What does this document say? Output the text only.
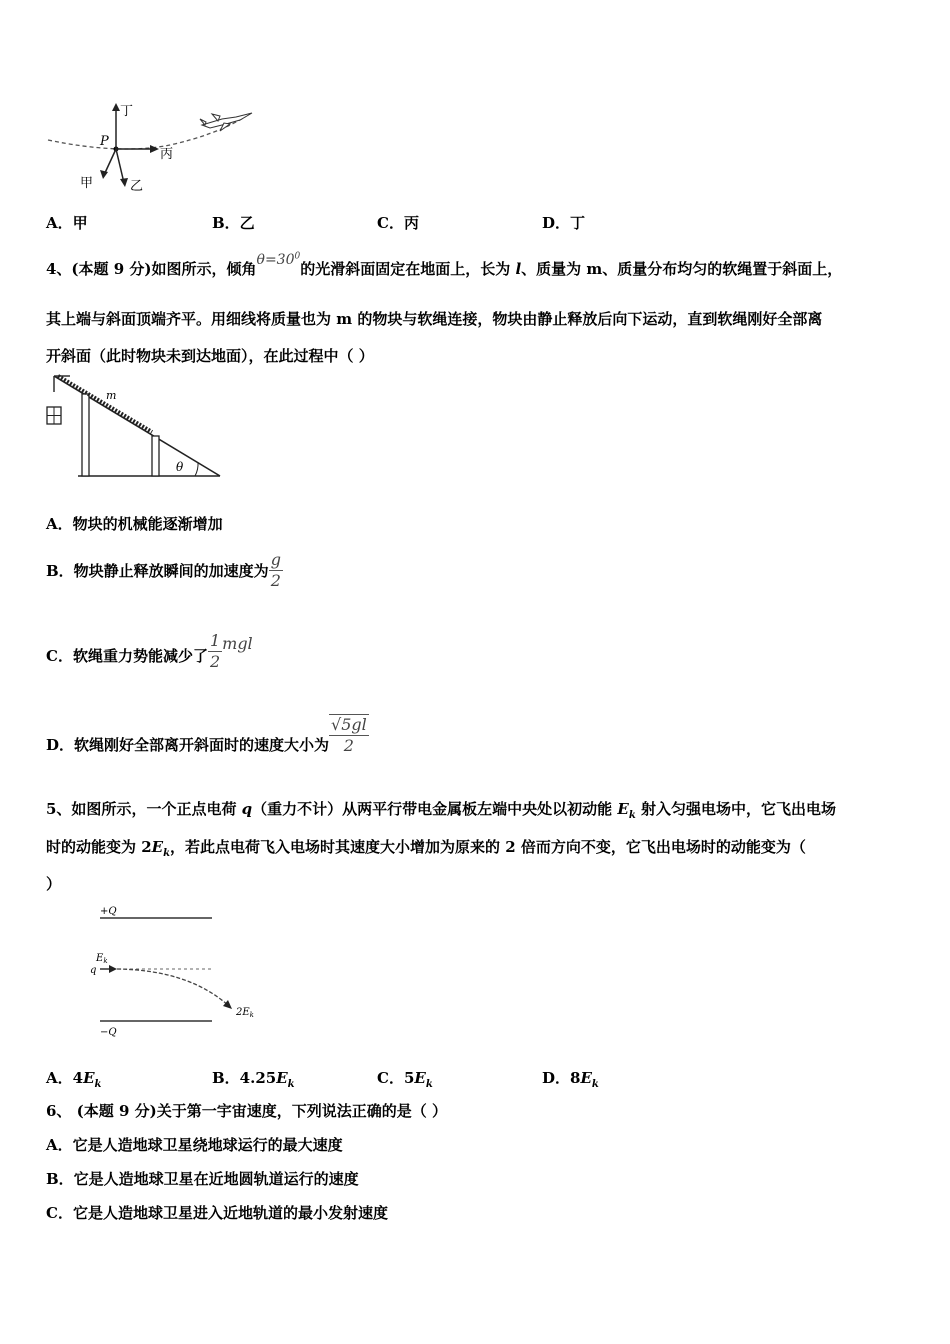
丁
P
丙
甲	乙
A．甲	B．乙	C．丙	D．丁
4、(本题 9 分)如图所示，倾角$\theta=30^0$的光滑斜面固定在地面上，长为 l、质量为 m、质量分布均匀的软绳置于斜面上，
其上端与斜面顶端齐平。用细线将质量也为 m 的物块与软绳连接，物块由静止释放后向下运动，直到软绳刚好全部离
开斜面（此时物块未到达地面），在此过程中（ ）
m
θ
A．物块的机械能逐渐增加
B．物块静止释放瞬间的加速度为 $\frac{g}{2}$
C．软绳重力势能减少了 $\frac{1}{2}$ mgl
D．软绳刚好全部离开斜面时的速度大小为 $\frac{√5gl}{2}$
5、如图所示，一个正点电荷 q（重力不计）从两平行带电金属板左端中央处以初动能 $E_k$ 射入匀强电场中，它飞出电场
时的动能变为 $2E_k$，若此点电荷飞入电场时其速度大小增加为原来的 2 倍而方向不变，它飞出电场时的动能变为（
）
+Q
−Q
q
$E_k$
$2E_k$
A．$4E_k$	B．$4.25E_k$	C．$5E_k$	D．$8E_k$
6、 (本题 9 分)关于第一宇宙速度，下列说法正确的是（ ）
A．它是人造地球卫星绕地球运行的最大速度
B．它是人造地球卫星在近地圆轨道运行的速度
C．它是人造地球卫星进入近地轨道的最小发射速度
